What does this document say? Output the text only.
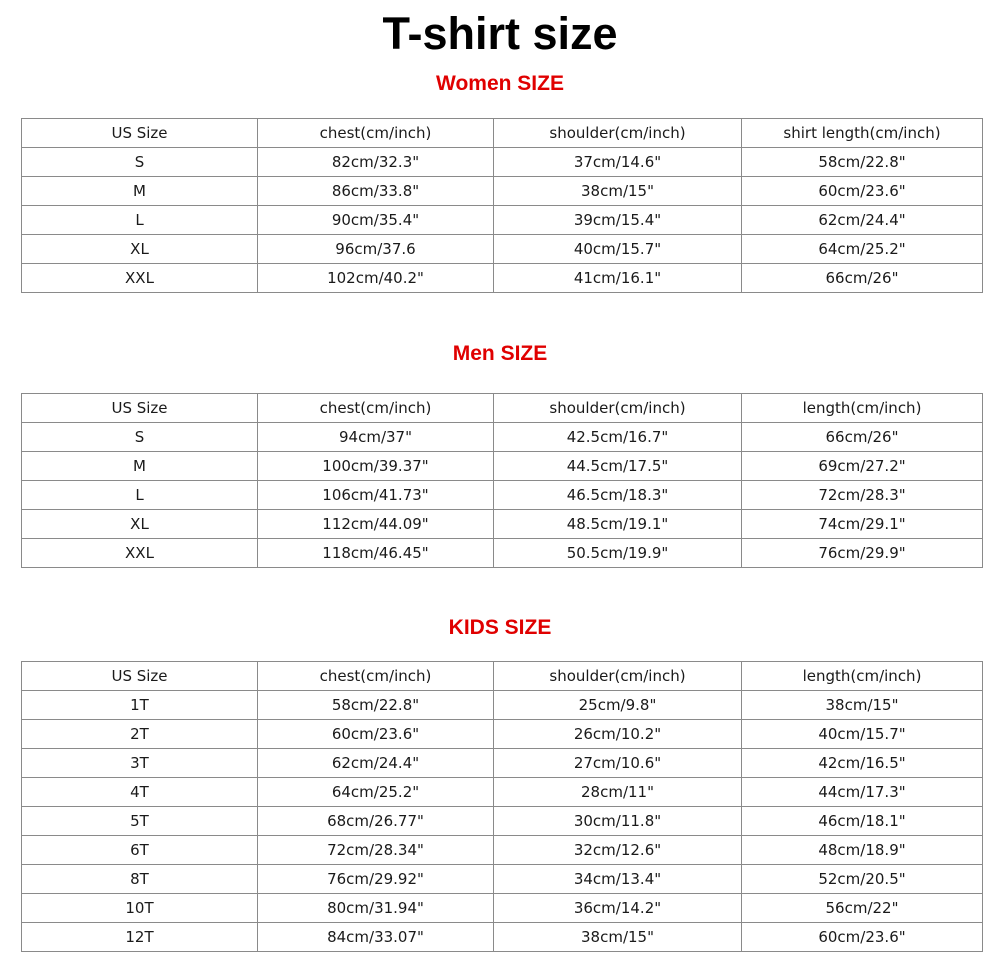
T-shirt size
Women SIZE
US Size	chest(cm/inch)	shoulder(cm/inch)	shirt length(cm/inch)
S	82cm/32.3"	37cm/14.6"	58cm/22.8"
M	86cm/33.8"	38cm/15"	60cm/23.6"
L	90cm/35.4"	39cm/15.4"	62cm/24.4"
XL	96cm/37.6	40cm/15.7"	64cm/25.2"
XXL	102cm/40.2"	41cm/16.1"	66cm/26"
Men SIZE
US Size	chest(cm/inch)	shoulder(cm/inch)	length(cm/inch)
S	94cm/37"	42.5cm/16.7"	66cm/26"
M	100cm/39.37"	44.5cm/17.5"	69cm/27.2"
L	106cm/41.73"	46.5cm/18.3"	72cm/28.3"
XL	112cm/44.09"	48.5cm/19.1"	74cm/29.1"
XXL	118cm/46.45"	50.5cm/19.9"	76cm/29.9"
KIDS SIZE
US Size	chest(cm/inch)	shoulder(cm/inch)	length(cm/inch)
1T	58cm/22.8"	25cm/9.8"	38cm/15"
2T	60cm/23.6"	26cm/10.2"	40cm/15.7"
3T	62cm/24.4"	27cm/10.6"	42cm/16.5"
4T	64cm/25.2"	28cm/11"	44cm/17.3"
5T	68cm/26.77"	30cm/11.8"	46cm/18.1"
6T	72cm/28.34"	32cm/12.6"	48cm/18.9"
8T	76cm/29.92"	34cm/13.4"	52cm/20.5"
10T	80cm/31.94"	36cm/14.2"	56cm/22"
12T	84cm/33.07"	38cm/15"	60cm/23.6"
